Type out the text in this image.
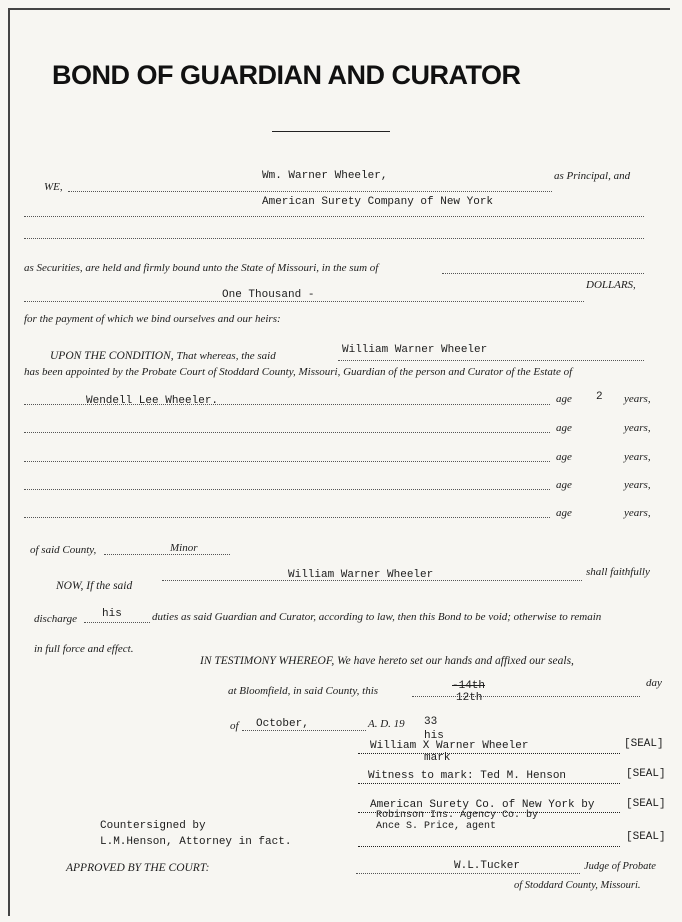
BOND OF GUARDIAN AND CURATOR
WE,
Wm. Warner Wheeler,	as Principal, and
American Surety Company of New York
as Securities, are held and firmly bound unto the State of Missouri, in the sum of
One Thousand -
DOLLARS,
for the payment of which we bind ourselves and our heirs:
UPON THE CONDITION, That whereas, the said	William Warner Wheeler
has been appointed by the Probate Court of Stoddard County, Missouri, Guardian of the person and Curator of the Estate of
Wendell Lee Wheeler.	age 2 years,
age	years,
age	years,
age	years,
age	years,
of said County,	Minor
NOW, If the said
William Warner Wheeler	shall faithfully
discharge his	duties as said Guardian and Curator, according to law, then this Bond to be void; otherwise to remain
in full force and effect.
IN TESTIMONY WHEREOF, We have hereto set our hands and affixed our seals,
at Bloomfield, in said County, this	-14th
12th
day
of October,	A. D. 19 33
his
William X Warner Wheeler
mark
[SEAL]
Witness to mark: Ted M. Henson	[SEAL]
American Surety Co. of New York by
Robinson Ins. Agency Co. by
Ance S. Price, agent
[SEAL]
[SEAL]
Countersigned by
L.M.Henson, Attorney in fact.
APPROVED BY THE COURT:	W.L.Tucker	Judge of Probate
of Stoddard County, Missouri.
